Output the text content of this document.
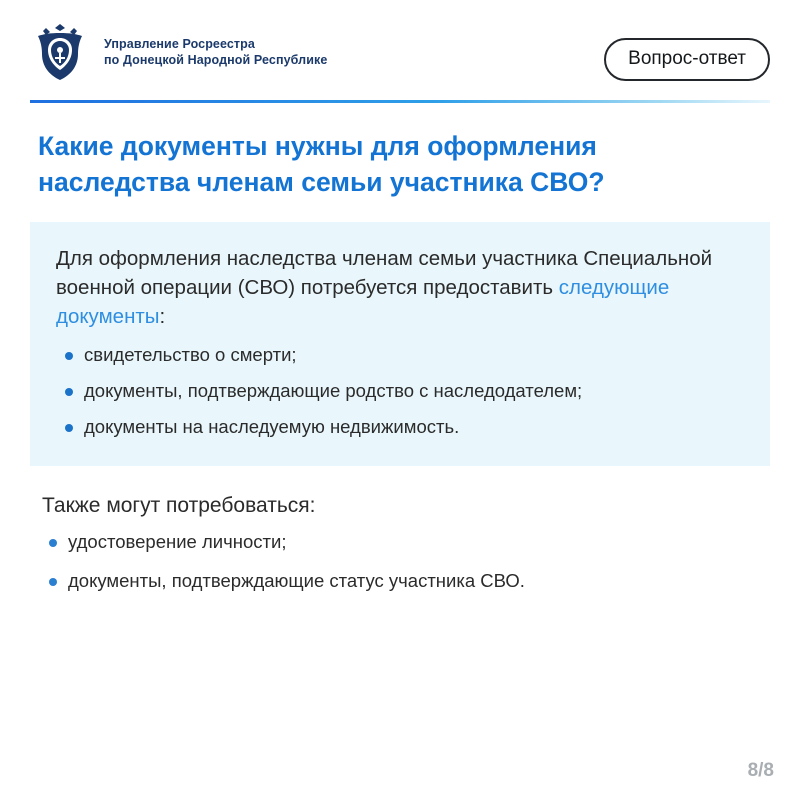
Управление Росреестра
по Донецкой Народной Республике	Вопрос-ответ
Какие документы нужны для оформления наследства членам семьи участника СВО?

Для оформления наследства членам семьи участника Специальной военной операции (СВО) потребуется предоставить следующие документы:

свидетельство о смерти;
документы, подтверждающие родство с наследодателем;
документы на наследуемую недвижимость.

Также могут потребоваться:

удостоверение личности;
документы, подтверждающие статус участника СВО.
8/8
